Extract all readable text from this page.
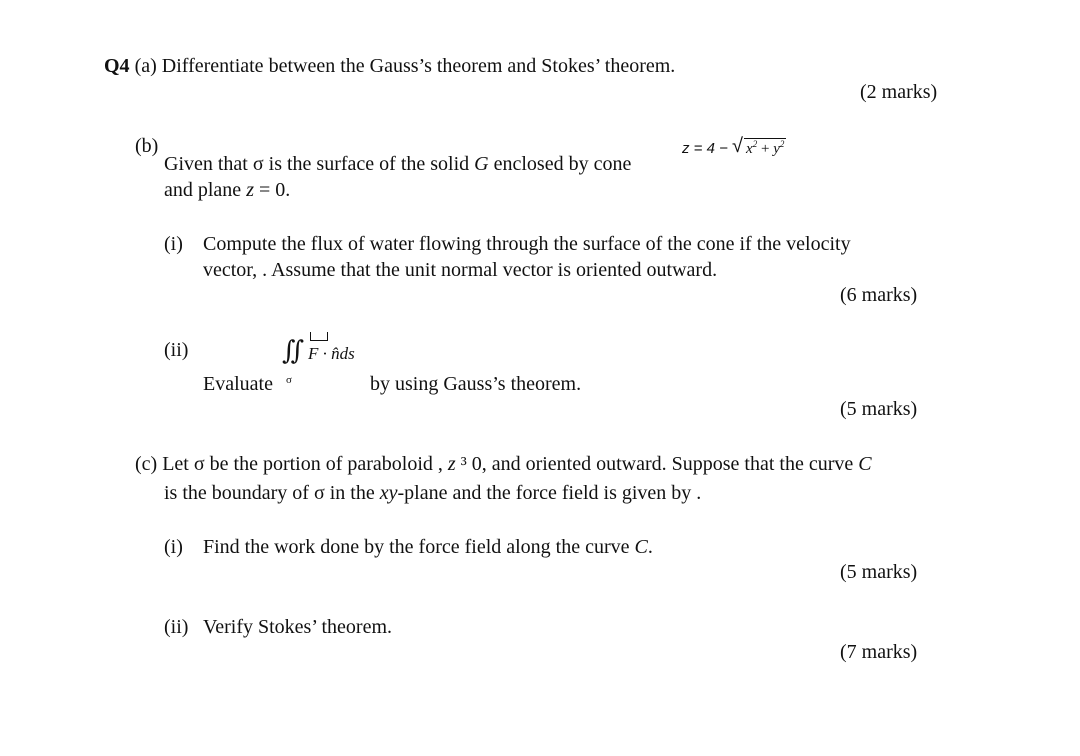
Q4 (a) Differentiate between the Gauss’s theorem and Stokes’ theorem.
(2 marks)
(b)
Given that σ is the surface of the solid G enclosed by cone
z = 4 − √ $x^2 + y^2$
and plane z = 0.
(i) Compute the flux of water flowing through the surface of the cone if the velocity
vector, . Assume that the unit normal vector is oriented outward.
(6 marks)
(ii)
Evaluate
∬ F · n̂ds
σ	by using Gauss’s theorem.
(5 marks)
(c) Let σ be the portion of paraboloid , z ³ 0, and oriented outward. Suppose that the curve C
is the boundary of σ in the xy-plane and the force field is given by .
(i) Find the work done by the force field along the curve C.
(5 marks)
(ii) Verify Stokes’ theorem.
(7 marks)
